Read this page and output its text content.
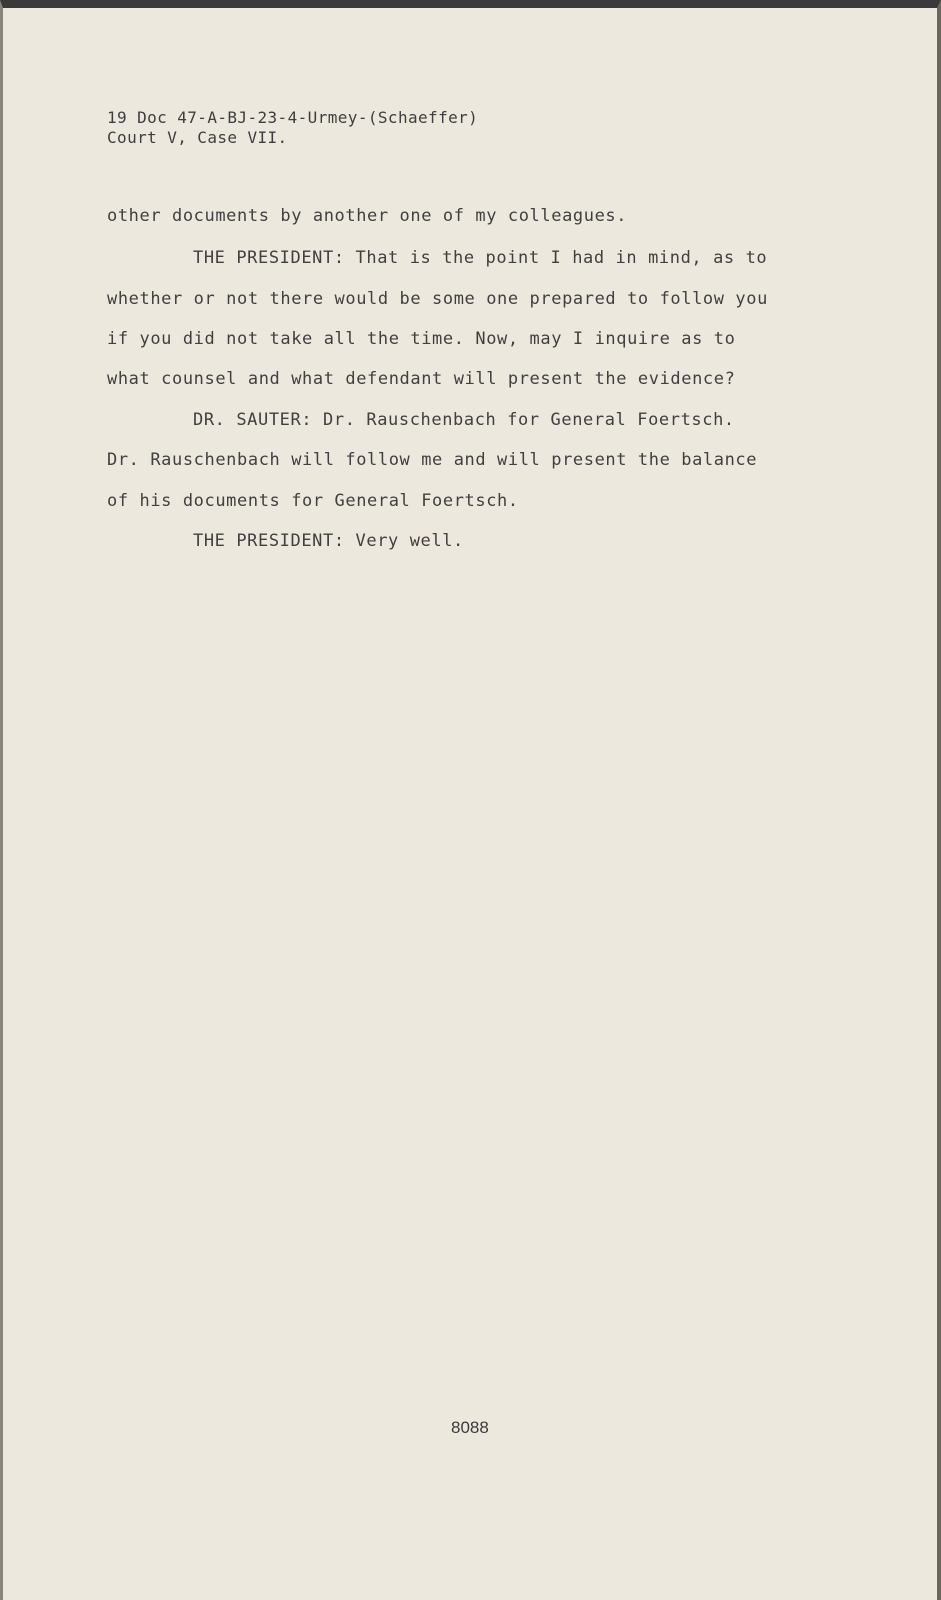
19 Doc 47-A-BJ-23-4-Urmey-(Schaeffer)
Court V, Case VII.
other documents by another one of my colleagues.
THE PRESIDENT: That is the point I had in mind, as to
whether or not there would be some one prepared to follow you
if you did not take all the time. Now, may I inquire as to
what counsel and what defendant will present the evidence?
DR. SAUTER: Dr. Rauschenbach for General Foertsch.
Dr. Rauschenbach will follow me and will present the balance
of his documents for General Foertsch.
THE PRESIDENT: Very well.
8088
